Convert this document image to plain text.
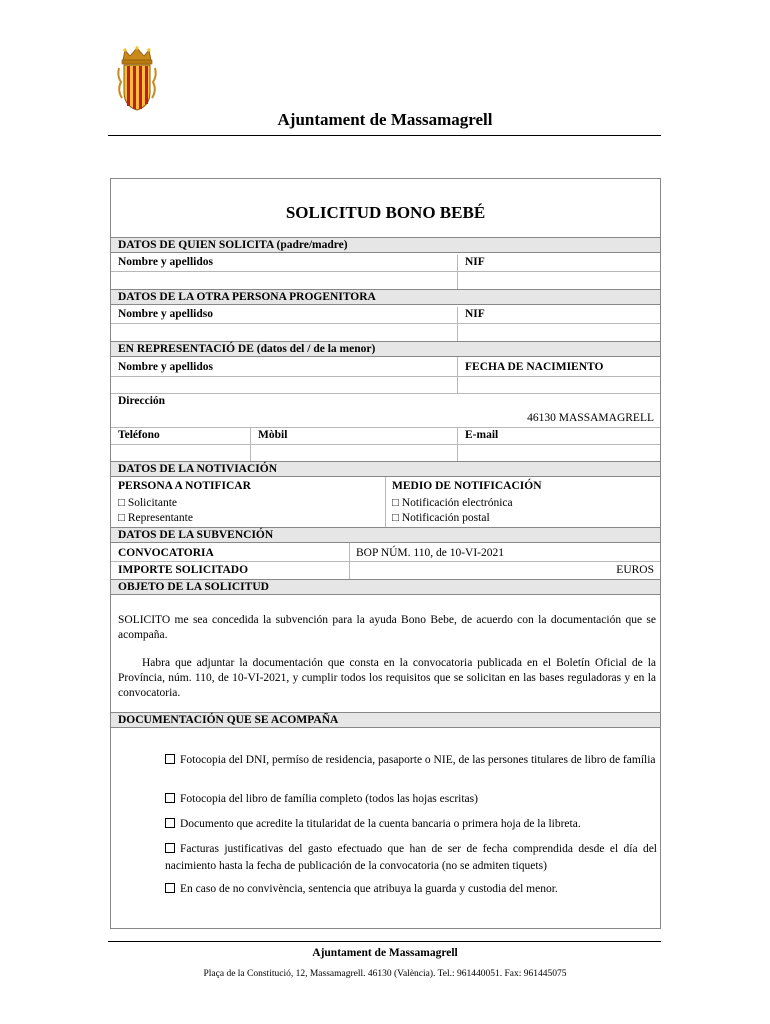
Ajuntament de Massamagrell
SOLICITUD BONO BEBÉ
DATOS DE QUIEN SOLICITA (padre/madre)
Nombre y apellidos	NIF
DATOS DE LA OTRA PERSONA PROGENITORA
Nombre y apellidso	NIF
EN REPRESENTACIÓ DE (datos del / de la menor)
Nombre y apellidos	FECHA DE NACIMIENTO
Dirección
46130 MASSAMAGRELL
Teléfono	Mòbil	E-mail
DATOS DE LA NOTIVIACIÓN
PERSONA A NOTIFICAR	MEDIO DE NOTIFICACIÓN
□ Solicitante
□ Representante
□ Notificación electrónica
□ Notificación postal
DATOS DE LA SUBVENCIÓN
CONVOCATORIA	BOP NÚM. 110, de 10-VI-2021
IMPORTE SOLICITADO	EUROS
OBJETO DE LA SOLICITUD
SOLICITO me sea concedida la subvención para la ayuda Bono Bebe, de acuerdo con la documentación que se acompaña.
Habra que adjuntar la documentación que consta en la convocatoria publicada en el Boletín Oficial de la Província, núm. 110, de 10-VI-2021, y cumplir todos los requisitos que se solicitan en las bases reguladoras y en la convocatoria.
DOCUMENTACIÓN QUE SE ACOMPAÑA
Fotocopia del DNI, permíso de residencia, pasaporte o NIE, de las persones titulares de libro de família
Fotocopia del libro de família completo (todos las hojas escritas)
Documento que acredite la titularidat de la cuenta bancaria o primera hoja de la libreta.
Facturas justificativas del gasto efectuado que han de ser de fecha comprendida desde el día del nacimiento hasta la fecha de publicación de la convocatoria (no se admiten tiquets)
En caso de no convivència, sentencia que atribuya la guarda y custodia del menor.
Ajuntament de Massamagrell
Plaça de la Constitució, 12, Massamagrell. 46130 (València). Tel.: 961440051. Fax: 961445075
